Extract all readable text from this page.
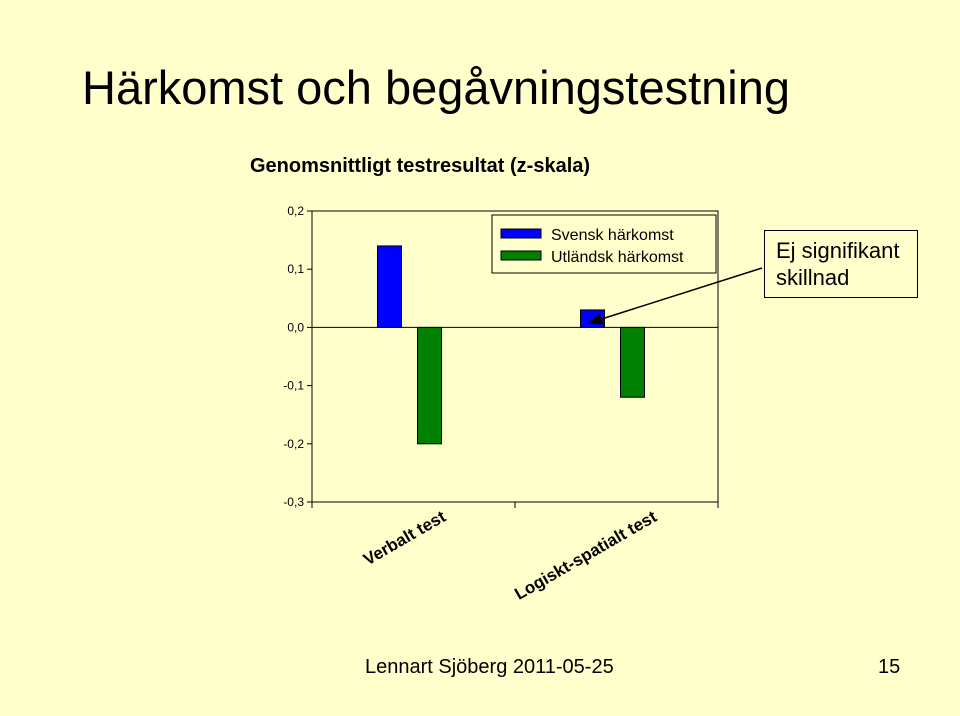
Härkomst och begåvningstestning
Genomsnittligt testresultat (z-skala)
0,2
0,1
0,0
-0,1
-0,2
-0,3
Verbalt test	Logiskt-spatialt test
Svensk härkomst
Utländsk härkomst	Ej signifikant
skillnad
Lennart Sjöberg 2011-05-25	15
